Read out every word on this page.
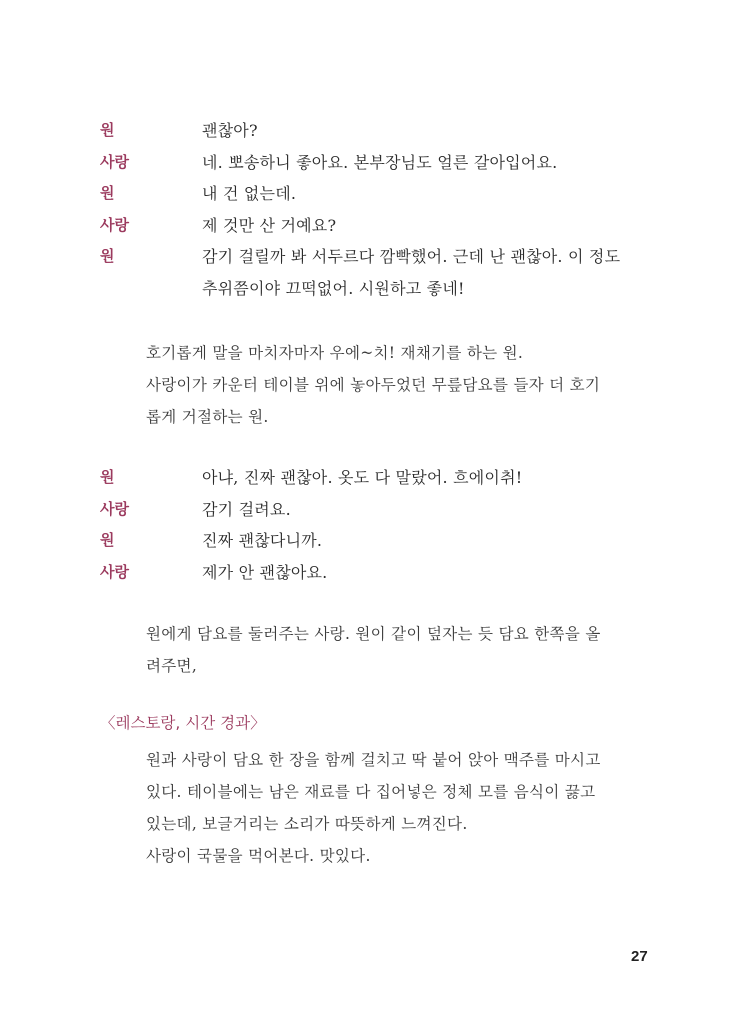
원	괜찮아?
사랑	네. 뽀송하니 좋아요. 본부장님도 얼른 갈아입어요.
원	내 건 없는데.
사랑	제 것만 산 거예요?
원	감기 걸릴까 봐 서두르다 깜빡했어. 근데 난 괜찮아. 이 정도
추위쯤이야 끄떡없어. 시원하고 좋네!
호기롭게 말을 마치자마자 우에~치! 재채기를 하는 원.
사랑이가 카운터 테이블 위에 놓아두었던 무릎담요를 들자 더 호기
롭게 거절하는 원.
원	아냐, 진짜 괜찮아. 옷도 다 말랐어. 흐에이취!
사랑	감기 걸려요.
원	진짜 괜찮다니까.
사랑	제가 안 괜찮아요.
원에게 담요를 둘러주는 사랑. 원이 같이 덮자는 듯 담요 한쪽을 올
려주면,
〈레스토랑, 시간 경과〉
원과 사랑이 담요 한 장을 함께 걸치고 딱 붙어 앉아 맥주를 마시고
있다. 테이블에는 남은 재료를 다 집어넣은 정체 모를 음식이 끓고
있는데, 보글거리는 소리가 따뜻하게 느껴진다.
사랑이 국물을 먹어본다. 맛있다.
27
